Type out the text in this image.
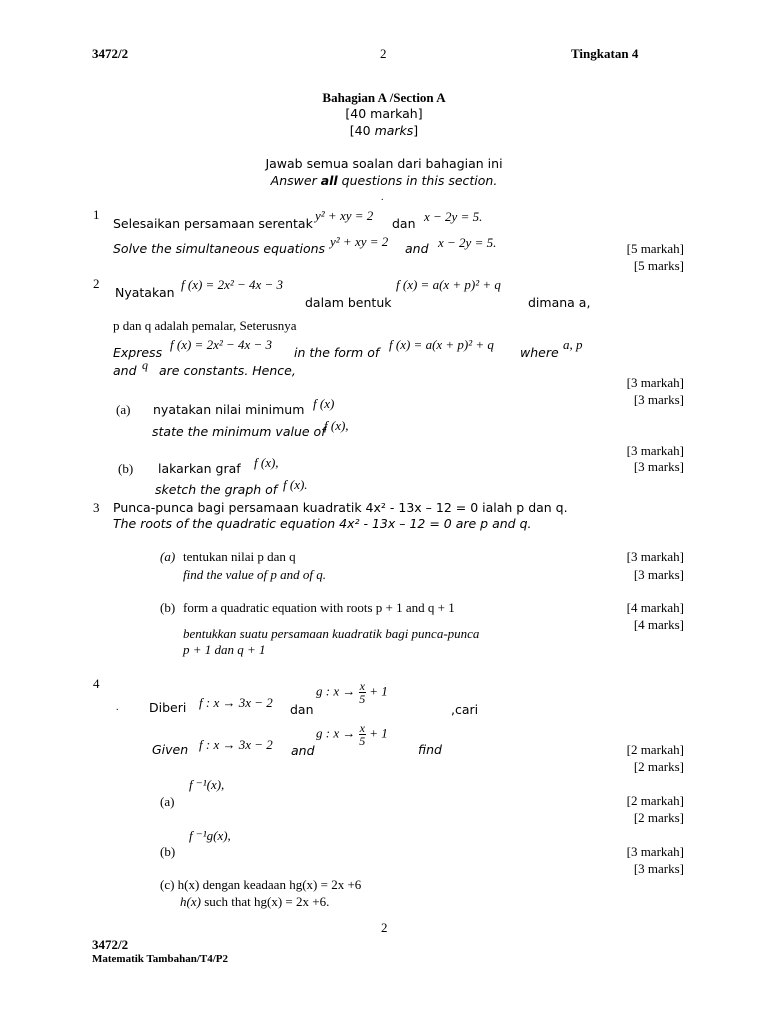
3472/2	2	Tingkatan 4
Bahagian A /Section A
[40 markah]
[40 marks]
Jawab semua soalan dari bahagian ini
Answer all questions in this section.
.
1
Selesaikan persamaan serentak
y² + xy = 2
dan x − 2y = 5.
Solve the simultaneous equations y² + xy = 2 and x − 2y = 5.	[5 markah]
[5 marks]
2
Nyatakan
f (x) = 2x² − 4x − 3
dalam bentuk
f (x) = a(x + p)² + q
dimana a,
p dan q adalah pemalar, Seterusnya
Express
f (x) = 2x² − 4x − 3
in the form of
f (x) = a(x + p)² + q
where
a, p
and q are constants. Hence,
[3 markah]
[3 marks]
(a) nyatakan nilai minimum f (x)
state the minimum value of
f (x),
[3 markah]
[3 marks]
(b) lakarkan graf f (x),
sketch the graph of f (x).
3 Punca-punca bagi persamaan kuadratik 4x² - 13x – 12 = 0 ialah p dan q.
The roots of the quadratic equation 4x² - 13x – 12 = 0 are p and q.
(a) tentukan nilai p dan q
find the value of p and of q.
[3 markah]
[3 marks]
(b) form a quadratic equation with roots p + 1 and q + 1	[4 markah]
[4 marks]
bentukkan suatu persamaan kuadratik bagi punca-punca
p + 1 dan q + 1
4
. Diberi f : x → 3x − 2 dan
g : $x \to \frac{x}{5} + 1$
,cari
Given f : x → 3x − 2 and
g : $x \to \frac{x}{5} + 1$
find	[2 markah]
[2 marks]
f ⁻¹(x),
(a)	[2 markah]
[2 marks]
f ⁻¹g(x),
(b)	[3 markah]
[3 marks]
(c) h(x) dengan keadaan hg(x) = 2x +6
h(x) such that hg(x) = 2x +6.
2
3472/2
Matematik Tambahan/T4/P2
